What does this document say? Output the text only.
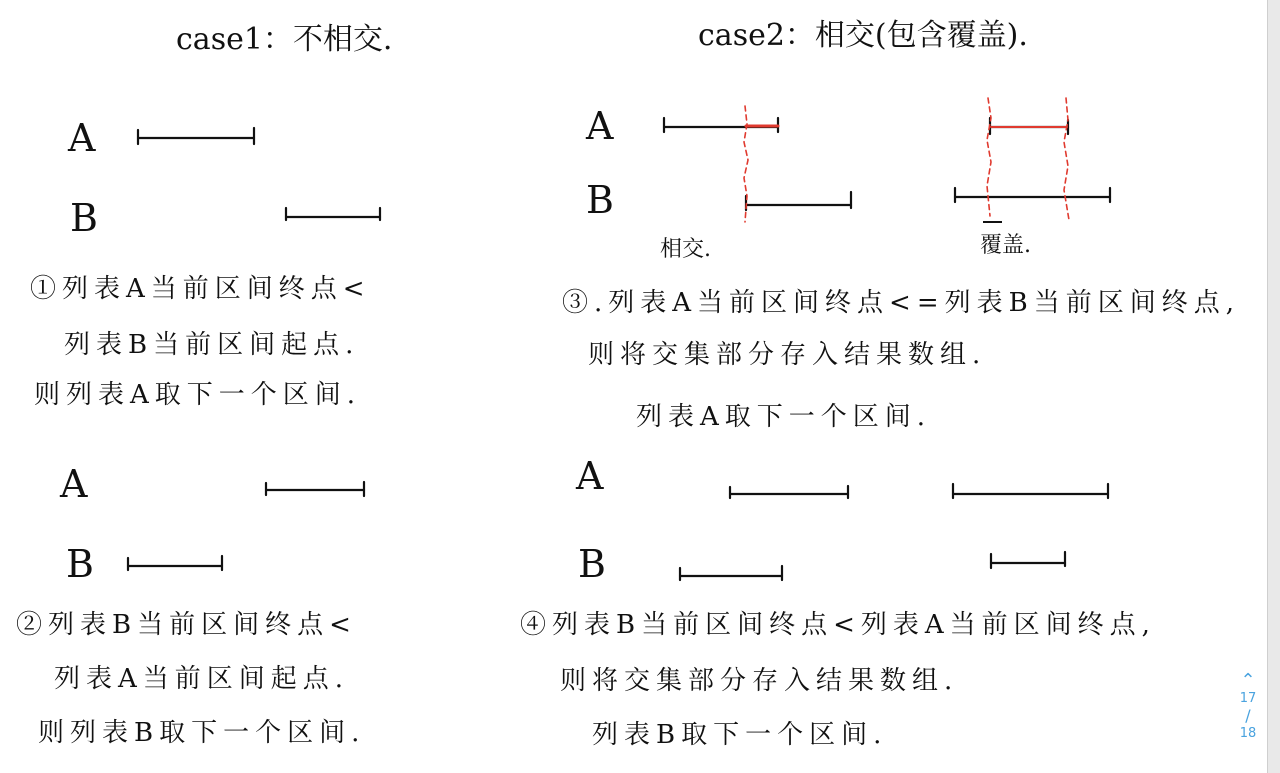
case1：不相交.	case2：相交(包含覆盖).
A
B
①列表A当前区间终点<
列表B当前区间起点.
则列表A取下一个区间.
A
B
②列表B当前区间终点<
列表A当前区间起点.
则列表B取下一个区间.
A
B
相交.	覆盖.
③.列表A当前区间终点<=列表B当前区间终点,
则将交集部分存入结果数组.
列表A取下一个区间.
A
B
④列表B当前区间终点<列表A当前区间终点,
则将交集部分存入结果数组.
列表B取下一个区间.
⌃
17
/
18
